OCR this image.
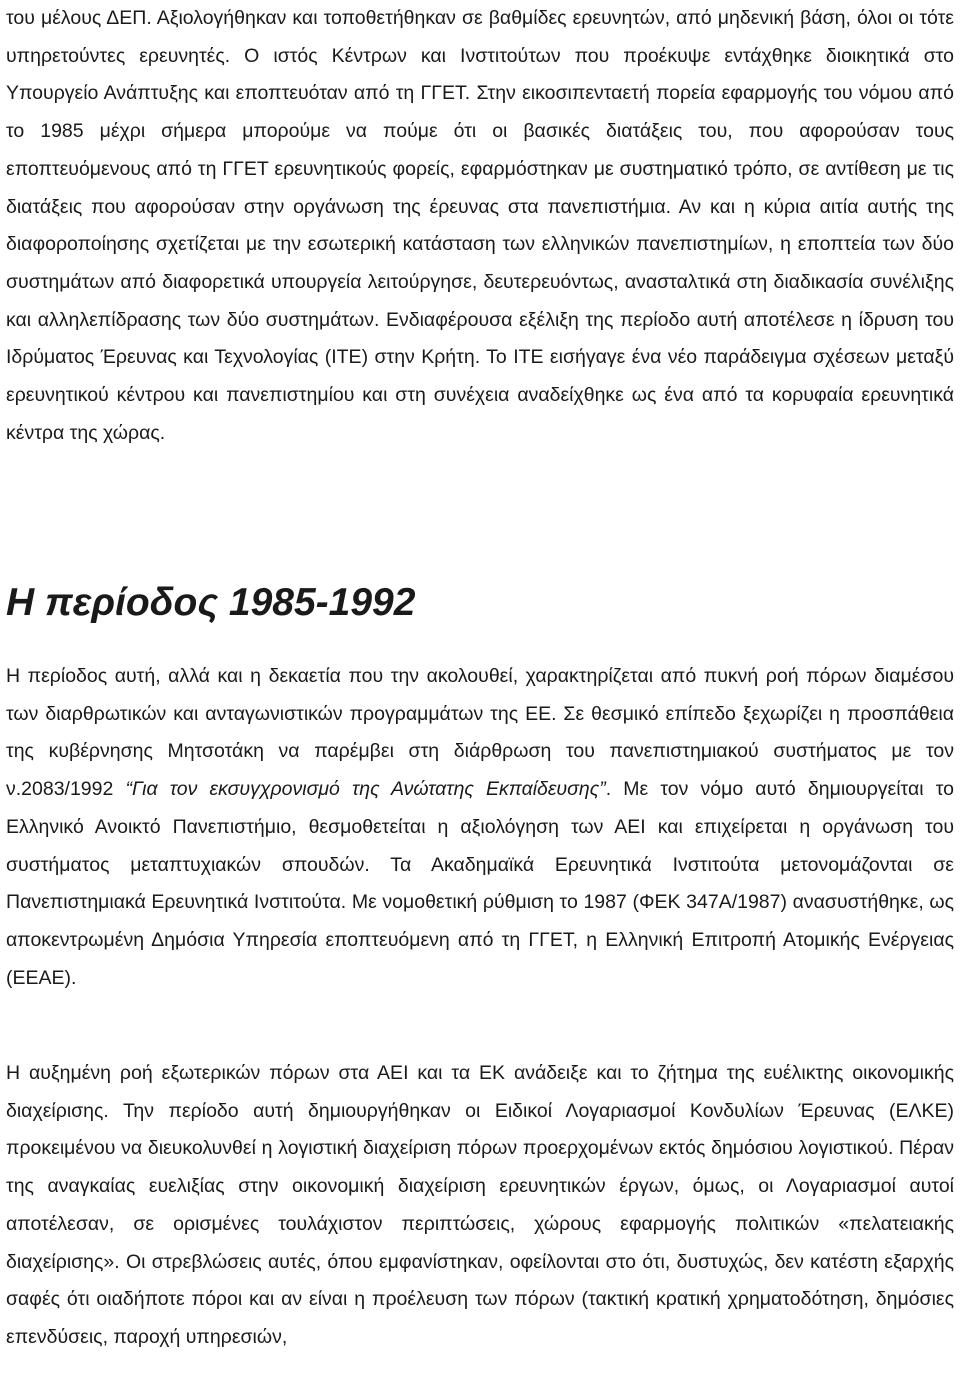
του μέλους ΔΕΠ. Αξιολογήθηκαν και τοποθετήθηκαν σε βαθμίδες ερευνητών, από μηδενική βάση, όλοι οι τότε υπηρετούντες ερευνητές. Ο ιστός Κέντρων και Ινστιτούτων που προέκυψε εντάχθηκε διοικητικά στο Υπουργείο Ανάπτυξης και εποπτευόταν από τη ΓΓΕΤ. Στην εικοσιπενταετή πορεία εφαρμογής του νόμου από το 1985 μέχρι σήμερα μπορούμε να πούμε ότι οι βασικές διατάξεις του, που αφορούσαν τους εποπτευόμενους από τη ΓΓΕΤ ερευνητικούς φορείς, εφαρμόστηκαν με συστηματικό τρόπο, σε αντίθεση με τις διατάξεις που αφορούσαν στην οργάνωση της έρευνας στα πανεπιστήμια. Αν και η κύρια αιτία αυτής της διαφοροποίησης σχετίζεται με την εσωτερική κατάσταση των ελληνικών πανεπιστημίων, η εποπτεία των δύο συστημάτων από διαφορετικά υπουργεία λειτούργησε, δευτερευόντως, ανασταλτικά στη διαδικασία συνέλιξης και αλληλεπίδρασης των δύο συστημάτων. Ενδιαφέρουσα εξέλιξη της περίοδο αυτή αποτέλεσε η ίδρυση του Ιδρύματος Έρευνας και Τεχνολογίας (ΙΤΕ) στην Κρήτη. Το ΙΤΕ εισήγαγε ένα νέο παράδειγμα σχέσεων μεταξύ ερευνητικού κέντρου και πανεπιστημίου και στη συνέχεια αναδείχθηκε ως ένα από τα κορυφαία ερευνητικά κέντρα της χώρας.

Η περίοδος 1985-1992

Η περίοδος αυτή, αλλά και η δεκαετία που την ακολουθεί, χαρακτηρίζεται από πυκνή ροή πόρων διαμέσου των διαρθρωτικών και ανταγωνιστικών προγραμμάτων της ΕΕ. Σε θεσμικό επίπεδο ξεχωρίζει η προσπάθεια της κυβέρνησης Μητσοτάκη να παρέμβει στη διάρθρωση του πανεπιστημιακού συστήματος με τον ν.2083/1992 “Για τον εκσυγχρονισμό της Ανώτατης Εκπαίδευσης”. Με τον νόμο αυτό δημιουργείται το Ελληνικό Ανοικτό Πανεπιστήμιο, θεσμοθετείται η αξιολόγηση των ΑΕΙ και επιχείρεται η οργάνωση του συστήματος μεταπτυχιακών σπουδών. Τα Ακαδημαϊκά Ερευνητικά Ινστιτούτα μετονομάζονται σε Πανεπιστημιακά Ερευνητικά Ινστιτούτα. Με νομοθετική ρύθμιση το 1987 (ΦΕΚ 347Α/1987) ανασυστήθηκε, ως αποκεντρωμένη Δημόσια Υπηρεσία εποπτευόμενη από τη ΓΓΕΤ, η Ελληνική Επιτροπή Ατομικής Ενέργειας (ΕΕΑΕ).

Η αυξημένη ροή εξωτερικών πόρων στα ΑΕΙ και τα ΕΚ ανάδειξε και το ζήτημα της ευέλικτης οικονομικής διαχείρισης. Την περίοδο αυτή δημιουργήθηκαν οι Ειδικοί Λογαριασμοί Κονδυλίων Έρευνας (ΕΛΚΕ) προκειμένου να διευκολυνθεί η λογιστική διαχείριση πόρων προερχομένων εκτός δημόσιου λογιστικού. Πέραν της αναγκαίας ευελιξίας στην οικονομική διαχείριση ερευνητικών έργων, όμως, οι Λογαριασμοί αυτοί αποτέλεσαν, σε ορισμένες τουλάχιστον περιπτώσεις, χώρους εφαρμογής πολιτικών «πελατειακής διαχείρισης». Οι στρεβλώσεις αυτές, όπου εμφανίστηκαν, οφείλονται στο ότι, δυστυχώς, δεν κατέστη εξαρχής σαφές ότι οιαδήποτε πόροι και αν είναι η προέλευση των πόρων (τακτική κρατική χρηματοδότηση, δημόσιες επενδύσεις, παροχή υπηρεσιών,
